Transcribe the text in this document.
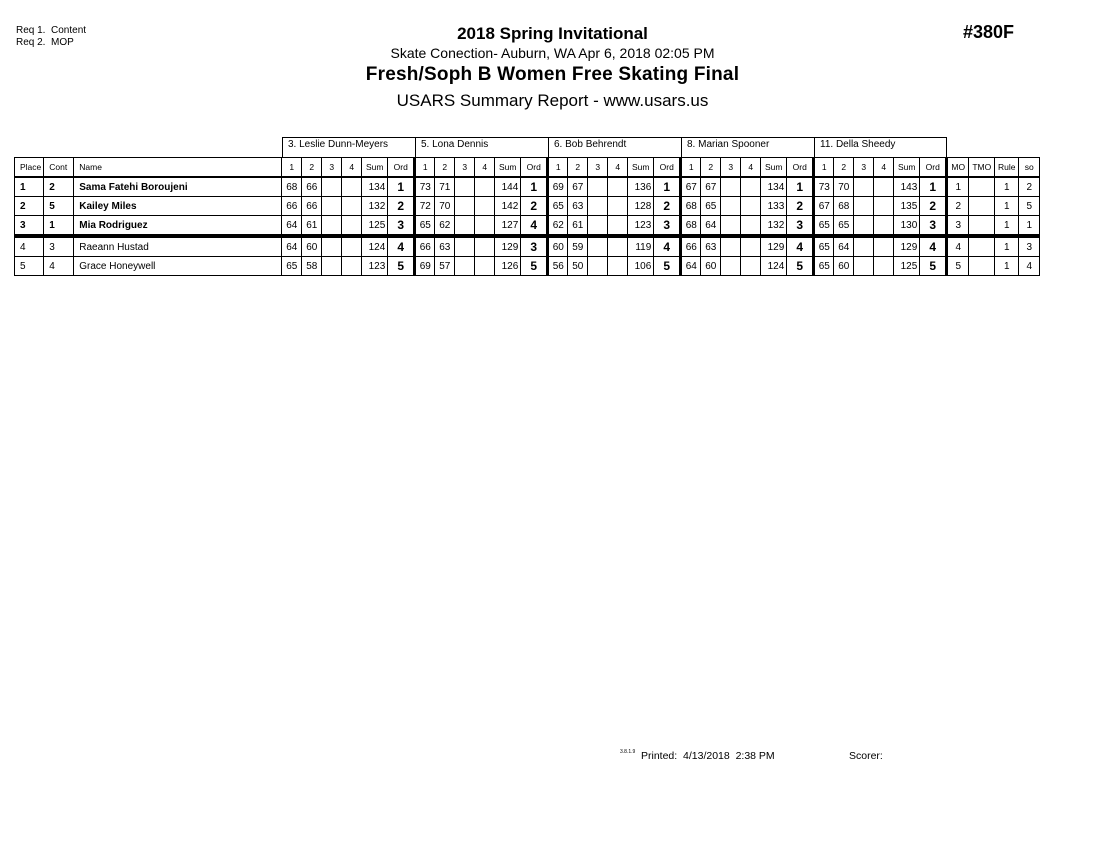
Req 1.  Content
Req 2.  MOP
#380F
2018 Spring Invitational
Skate Conection- Auburn, WA Apr 6, 2018 02:05 PM
Fresh/Soph B Women Free Skating Final
USARS Summary Report - www.usars.us
3. Leslie Dunn-Meyers	5. Lona Dennis	6. Bob Behrendt	8. Marian Spooner	11. Della Sheedy
Place	Cont	Name	1	2	3	4	Sum	Ord	1	2	3	4	Sum	Ord	1	2	3	4	Sum	Ord	1	2	3	4	Sum	Ord	1	2	3	4	Sum	Ord	MO	TMO	Rule	so
1	2	Sama Fatehi Boroujeni	68	66			134	1	73	71			144	1	69	67			136	1	67	67			134	1	73	70			143	1	1		1	2
2	5	Kailey Miles	66	66			132	2	72	70			142	2	65	63			128	2	68	65			133	2	67	68			135	2	2		1	5
3	1	Mia Rodriguez	64	61			125	3	65	62			127	4	62	61			123	3	68	64			132	3	65	65			130	3	3		1	1
4	3	Raeann Hustad	64	60			124	4	66	63			129	3	60	59			119	4	66	63			129	4	65	64			129	4	4		1	3
5	4	Grace Honeywell	65	58			123	5	69	57			126	5	56	50			106	5	64	60			124	5	65	60			125	5	5		1	4
3.8.1.9 Printed:  4/13/2018  2:38 PM	Scorer:
